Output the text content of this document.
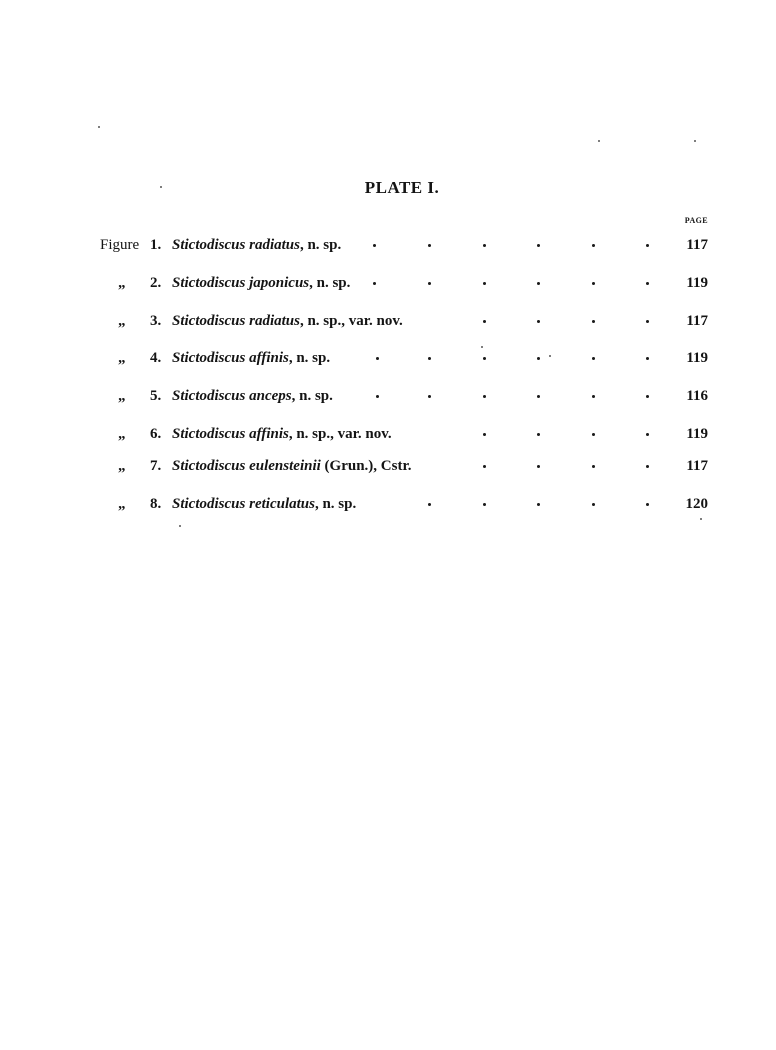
PLATE I.
PAGE
Figure 1. Stictodiscus radiatus, n. sp.	117
„	2. Stictodiscus japonicus, n. sp.	119
„	3. Stictodiscus radiatus, n. sp., var. nov.	117
„	4. Stictodiscus affinis, n. sp.	119
„	5. Stictodiscus anceps, n. sp.	116
„	6. Stictodiscus affinis, n. sp., var. nov.	119
„	7. Stictodiscus eulensteinii (Grun.), Cstr.	117
„	8. Stictodiscus reticulatus, n. sp.	120
